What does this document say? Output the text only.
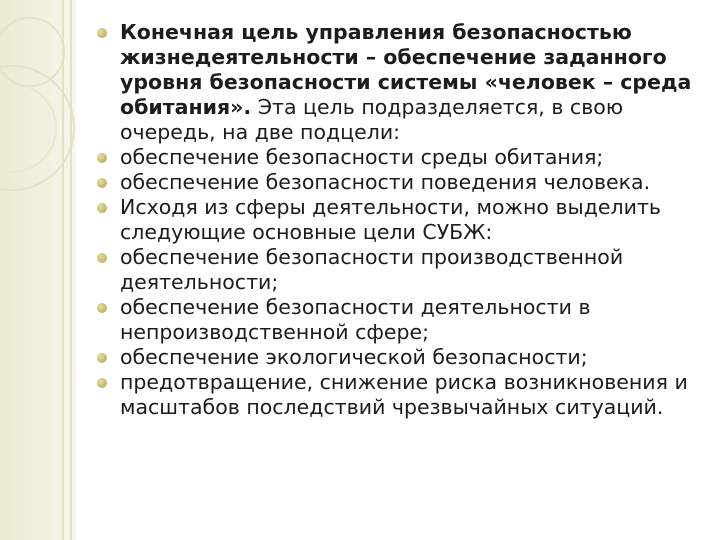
Конечная цель управления безопасностью жизнедеятельности – обеспечение заданного уровня безопасности системы «человек – среда обитания». Эта цель подразделяется, в свою очередь, на две подцели:
обеспечение безопасности среды обитания;
обеспечение безопасности поведения человека.
Исходя из сферы деятельности, можно выделить следующие основные цели СУБЖ:
обеспечение безопасности производственной деятельности;
обеспечение безопасности деятельности в непроизводственной сфере;
обеспечение экологической безопасности;
предотвращение, снижение риска возникновения и масштабов последствий чрезвычайных ситуаций.
